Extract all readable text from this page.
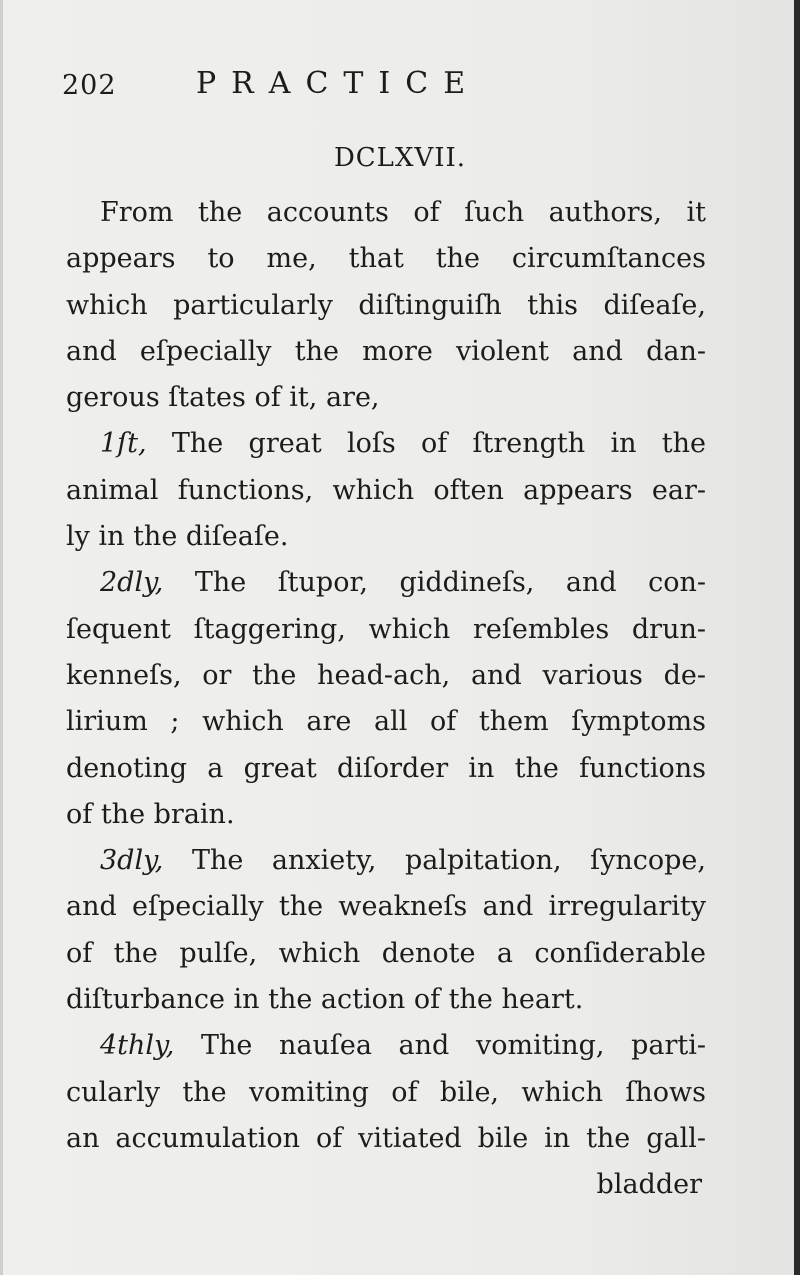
202	PRACTICE
DCLXVII.
From the accounts of ſuch authors, it
appears to me, that the circumſtances
which particularly diſtinguiſh this diſeaſe,
and eſpecially the more violent and dan-
gerous ſtates of it, are,
1ſt, The great loſs of ſtrength in the
animal functions, which often appears ear-
ly in the diſeaſe.
2dly, The ſtupor, giddineſs, and con-
ſequent ſtaggering, which reſembles drun-
kenneſs, or the head-ach, and various de-
lirium ; which are all of them ſymptoms
denoting a great diſorder in the functions
of the brain.
3dly, The anxiety, palpitation, ſyncope,
and eſpecially the weakneſs and irregularity
of the pulſe, which denote a conſiderable
diſturbance in the action of the heart.
4thly, The nauſea and vomiting, parti-
cularly the vomiting of bile, which ſhows
an accumulation of vitiated bile in the gall-
bladder
